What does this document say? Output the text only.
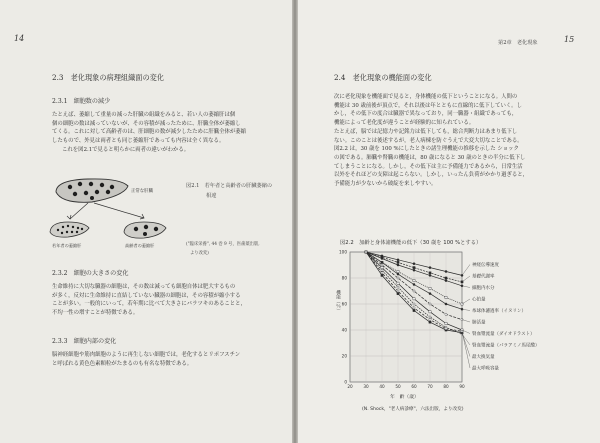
14
2.3　老化現象の病理組織面の変化
2.3.1　細胞数の減少
たとえば、萎縮して重量の減った肝臓の組織をみると、若い人の萎縮肝は個
個の細胞の数は減っていないが、その容積が減ったために、肝臓全体が萎縮し
てくる。これに対して高齢者のは、肝細胞の数が減少したために肝臓全体が萎縮
したもので、外見は両者とも同じ萎縮肝であっても内容は全く異なる。
これを図2.1で見ると明らかに両者の違いがわかる。
正常な肝臓
若年者の萎縮肝	高齢者の萎縮肝
図2.1　若年者と高齢者の肝臓萎縮の
相違
("臨床栄養", 44 巻 9 号，医歯薬出版,
より改変)
2.3.2　細胞の大きさの変化
生命維持に大切な臓器の細胞は，その数は減っても細胞自体は肥大するもの
が多く，反対に生命維持に直結していない臓器の細胞は，その容積が縮小する
ことが多い。一般的にいって，若年期に比べて大きさにバラツキのあることと，
不均一性の増すことが特徴である。
2.3.3　細胞内部の変化
脳神経細胞や筋肉細胞のように再生しない細胞では，老化するとリポフスチン
と呼ばれる黄色色素顆粒がたまるのも有名な特徴である。
第2章　老化現象	15
2.4　老化現象の機能面の変化
次に老化現象を機能面で見ると，身体機能の低下ということになる。人間の
機能は 30 歳前後が頂点で，それ以後は年とともに直線的に低下していく。し
かし，その低下の度合は臓器で異なっており，同一臓器・組織であっても，
機能によって老化度が違うことが経験的に知られている。
たとえば，脳では記憶力や記銘力は低下しても，総合判断力はあまり低下し
ない。このことは後述するが，老人病棟を防ぐうえで大変大切なことである。
図2.2 は，30 歳を 100 %にしたときの諸生理機能の推移を示した ショック
の図である。肺臓や腎臓の機能は，80 歳になると 30 歳のときの半分に低下し
てしまうことになる。しかし，その低下は主に予備能力であるから，日常生活
以外をそれほどの支障は起こらない。しかし，いったん負荷がかかり過ぎると，
予備能力が少ないから破綻を来しやすい。
図2.2　加齢と身体諸機能の低下（30 歳を 100 %とする）
神経伝導速度
基礎代謝率
細胞内水分
心拍量
糸球体濾過率（イヌリン）
肺活量
腎血漿流量（ダイオドラスト）
腎血漿流量（パラアミノ馬尿酸）
最大換気量
最大呼吸容量
0
20
40
60
80
100
20	30	40	50	60	70	80	90
機能（％）
年　齢（歳）
(N. Shock，"老人病診療"，六法出版，より改変)
